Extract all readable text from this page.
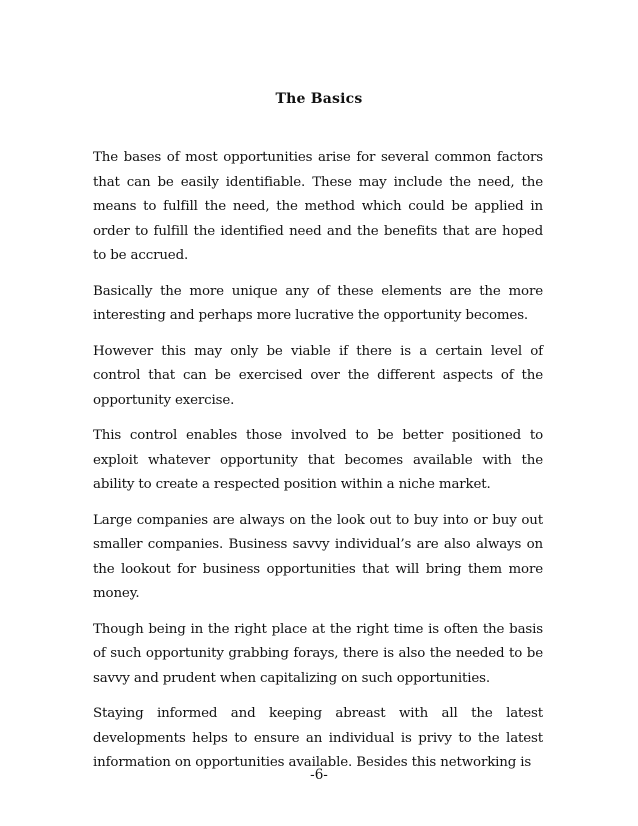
The Basics

The bases of most opportunities arise for several common factors that can be easily identifiable. These may include the need, the means to fulfill the need, the method which could be applied in order to fulfill the identified need and the benefits that are hoped to be accrued.

Basically the more unique any of these elements are the more interesting and perhaps more lucrative the opportunity becomes.

However this may only be viable if there is a certain level of control that can be exercised over the different aspects of the opportunity exercise.

This control enables those involved to be better positioned to exploit whatever opportunity that becomes available with the ability to create a respected position within a niche market.

Large companies are always on the look out to buy into or buy out smaller companies. Business savvy individual’s are also always on the lookout for business opportunities that will bring them more money.

Though being in the right place at the right time is often the basis of such opportunity grabbing forays, there is also the needed to be savvy and prudent when capitalizing on such opportunities.

Staying informed and keeping abreast with all the latest developments helps to ensure an individual is privy to the latest information on opportunities available. Besides this networking is

-6-
